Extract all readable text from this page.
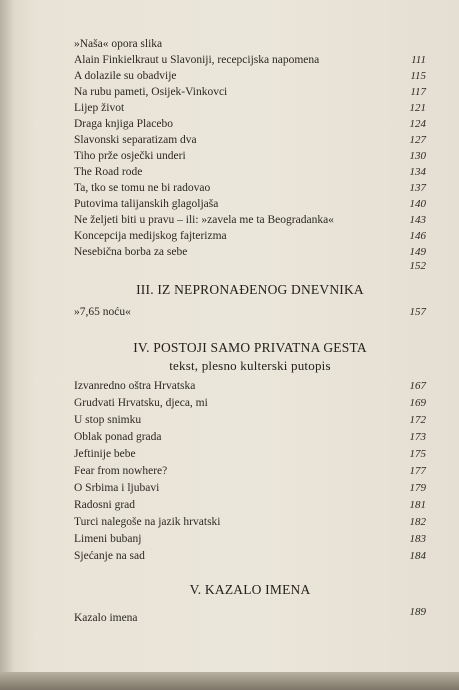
»Naša« opora slika
Alain Finkielkraut u Slavoniji, recepcijska napomena	111
A dolazile su obadvije	115
Na rubu pameti, Osijek-Vinkovci	117
Lijep život	121
Draga knjiga Placebo	124
Slavonski separatizam dva	127
Tiho prže osječki underi	130
The Road rode	134
Ta, tko se tomu ne bi radovao	137
Putovima talijanskih glagoljaša	140
Ne željeti biti u pravu – ili: »zavela me ta Beogradanka«	143
Koncepcija medijskog fajterizma	146
Nesebična borba za sebe	149
152
III. IZ NEPRONAĐENOG DNEVNIKA
»7,65 noću«	157
IV. POSTOJI SAMO PRIVATNA GESTA
tekst, plesno kulterski putopis
Izvanredno oštra Hrvatska	167
Grudvati Hrvatsku, djeca, mi	169
U stop snimku	172
Oblak ponad grada	173
Jeftinije bebe	175
Fear from nowhere?	177
O Srbima i ljubavi	179
Radosni grad	181
Turci nalegoše na jazik hrvatski	182
Limeni bubanj	183
Sjećanje na sad	184
V. KAZALO IMENA
Kazalo imena	189
